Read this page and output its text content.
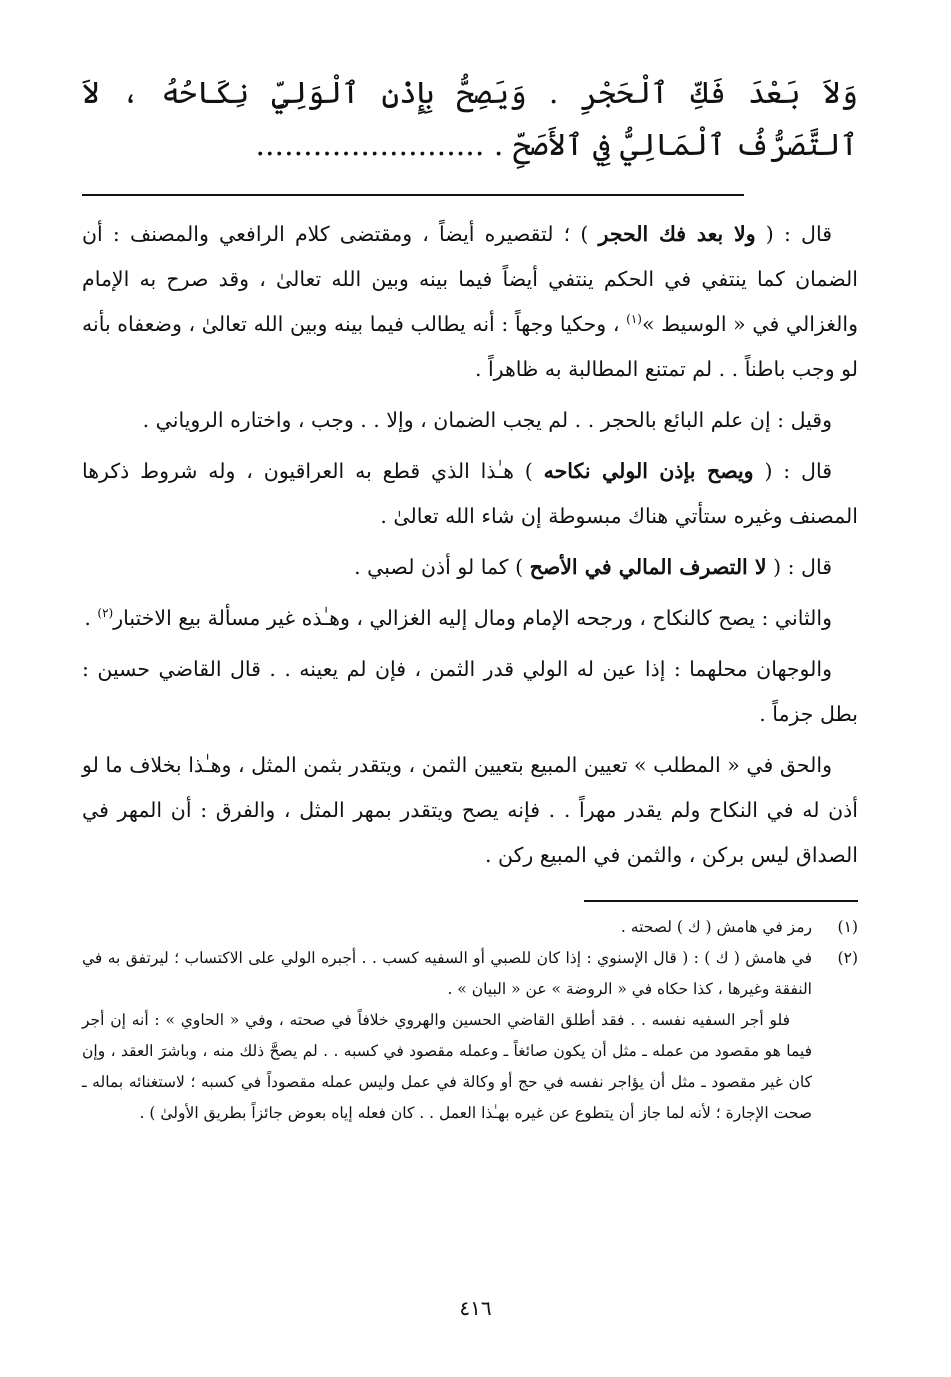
وَلاَ بَعْدَ فَكِّ ٱلْحَجْرِ . وَيَصِحُّ بِإِذْنِ ٱلْوَلِيِّ نِكَاحُهُ ، لاَ ٱلتَّصَرُّفُ ٱلْمَالِيُّ فِي ٱلأَصَحِّ . ........................

قال : ( ولا بعد فك الحجر ) ؛ لتقصيره أيضاً ، ومقتضى كلام الرافعي والمصنف : أن الضمان كما ينتفي في الحكم ينتفي أيضاً فيما بينه وبين الله تعالىٰ ، وقد صرح به الإمام والغزالي في « الوسيط »$^{(١)}$ ، وحكيا وجهاً : أنه يطالب فيما بينه وبين الله تعالىٰ ، وضعفاه بأنه لو وجب باطناً . . لم تمتنع المطالبة به ظاهراً .

وقيل : إن علم البائع بالحجر . . لم يجب الضمان ، وإلا . . وجب ، واختاره الروياني .

قال : ( ويصح بإذن الولي نكاحه ) هـٰذا الذي قطع به العراقيون ، وله شروط ذكرها المصنف وغيره ستأتي هناك مبسوطة إن شاء الله تعالىٰ .

قال : ( لا التصرف المالي في الأصح ) كما لو أذن لصبي .

والثاني : يصح كالنكاح ، ورجحه الإمام ومال إليه الغزالي ، وهـٰذه غير مسألة بيع الاختبار$^{(٢)}$ .

والوجهان محلهما : إذا عين له الولي قدر الثمن ، فإن لم يعينه . . قال القاضي حسين : بطل جزماً .

والحق في « المطلب » تعيين المبيع بتعيين الثمن ، ويتقدر بثمن المثل ، وهـٰذا بخلاف ما لو أذن له في النكاح ولم يقدر مهراً . . فإنه يصح ويتقدر بمهر المثل ، والفرق : أن المهر في الصداق ليس بركن ، والثمن في المبيع ركن .

(١)

رمز في هامش ( ك ) لصحته .

(٢)

في هامش ( ك ) : ( قال الإسنوي : إذا كان للصبي أو السفيه كسب . . أجبره الولي على الاكتساب ؛ ليرتفق به في النفقة وغيرها ، كذا حكاه في « الروضة » عن « البيان » .

فلو أجر السفيه نفسه . . فقد أطلق القاضي الحسين والهروي خلافاً في صحته ، وفي « الحاوي » : أنه إن أجر فيما هو مقصود من عمله ـ مثل أن يكون صائغاً ـ وعمله مقصود في كسبه . . لم يصحَّ ذلك منه ، وباشرَ العقد ، وإن كان غير مقصود ـ مثل أن يؤاجر نفسه في حج أو وكالة في عمل وليس عمله مقصوداً في كسبه ؛ لاستغنائه بماله ـ صحت الإجارة ؛ لأنه لما جاز أن يتطوع عن غيره بهـٰذا العمل . . كان فعله إياه بعوض جائزاً بطريق الأولىٰ ) .

٤١٦
